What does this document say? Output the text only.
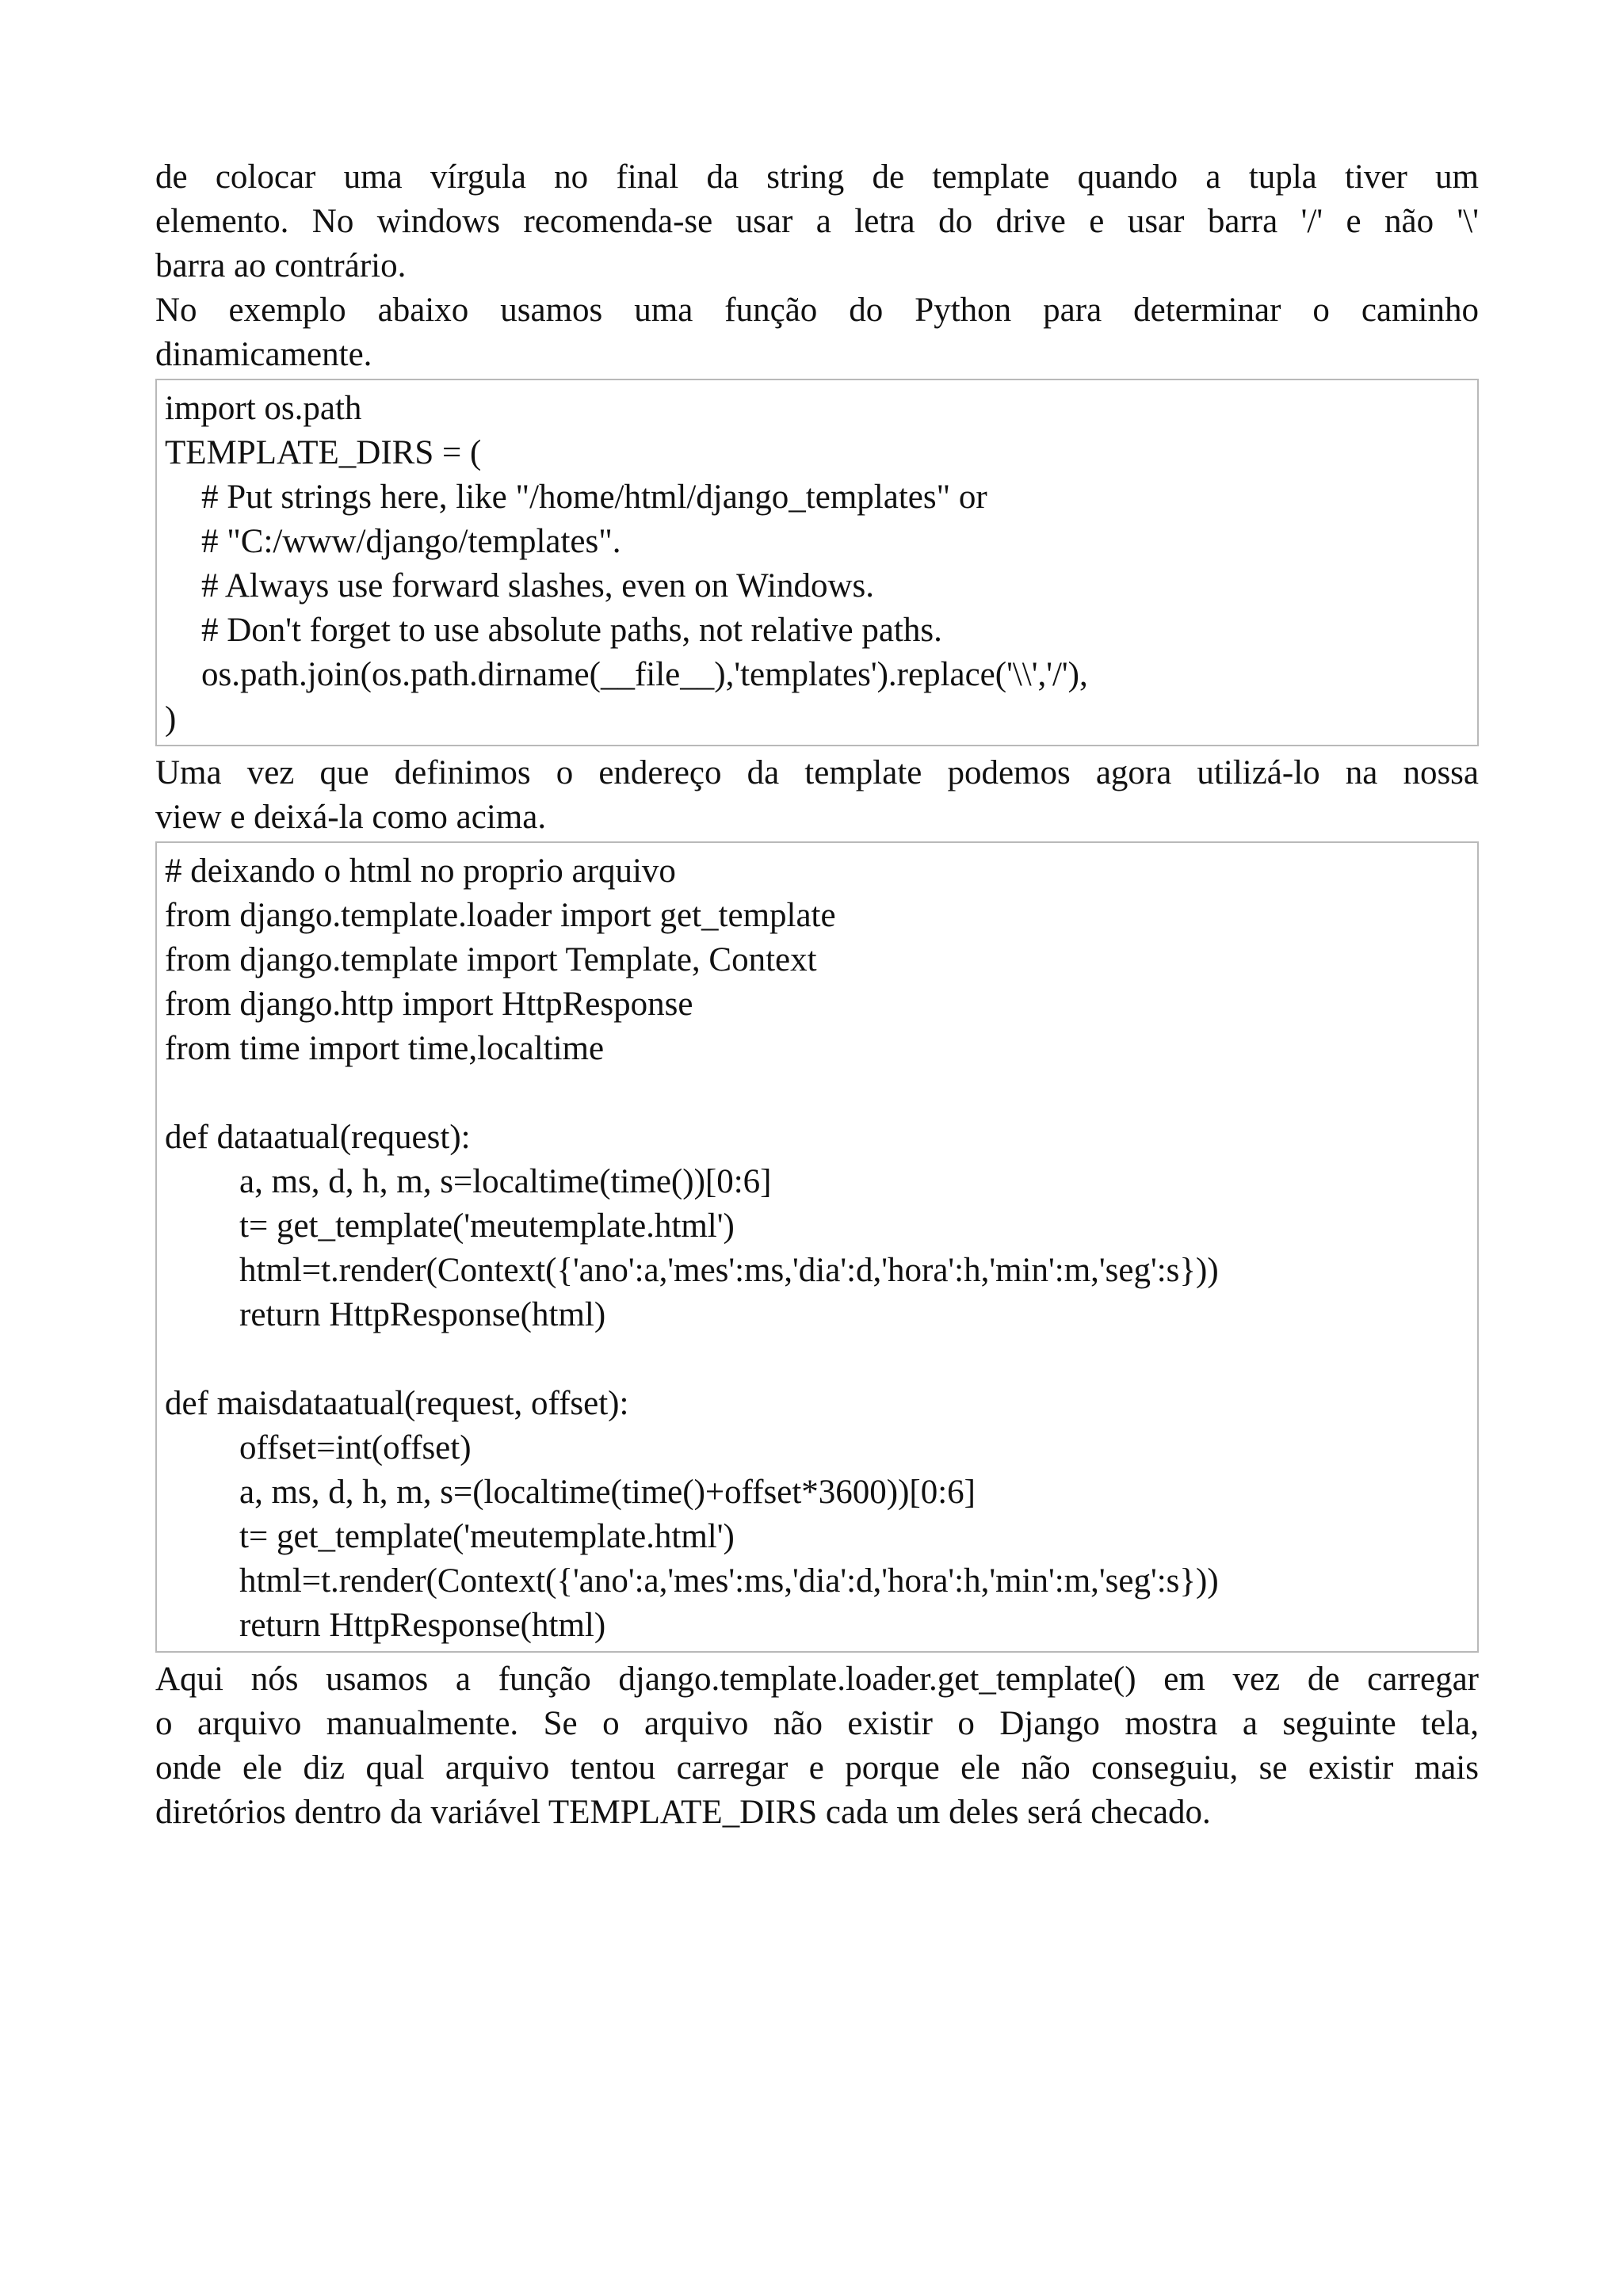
de colocar uma vírgula no final da string de template quando a tupla tiver um
elemento. No windows recomenda-se usar a letra do drive e usar barra '/' e não '\'
barra ao contrário.

No exemplo abaixo usamos uma função do Python para determinar o caminho
dinamicamente.

import os.path
TEMPLATE_DIRS = (
# Put strings here, like "/home/html/django_templates" or
# "C:/www/django/templates".
# Always use forward slashes, even on Windows.
# Don't forget to use absolute paths, not relative paths.
os.path.join(os.path.dirname(__file__),'templates').replace('\\','/'),
)

Uma vez que definimos o endereço da template podemos agora utilizá-lo na nossa
view e deixá-la como acima.

# deixando o html no proprio arquivo
from django.template.loader import get_template
from django.template import Template, Context
from django.http import HttpResponse
from time import time,localtime
def dataatual(request):
a, ms, d, h, m, s=localtime(time())[0:6]
t= get_template('meutemplate.html')
html=t.render(Context({'ano':a,'mes':ms,'dia':d,'hora':h,'min':m,'seg':s}))
return HttpResponse(html)
def maisdataatual(request, offset):
offset=int(offset)
a, ms, d, h, m, s=(localtime(time()+offset*3600))[0:6]
t= get_template('meutemplate.html')
html=t.render(Context({'ano':a,'mes':ms,'dia':d,'hora':h,'min':m,'seg':s}))
return HttpResponse(html)

Aqui nós usamos a função django.template.loader.get_template() em vez de carregar
o arquivo manualmente. Se o arquivo não existir o Django mostra a seguinte tela,
onde ele diz qual arquivo tentou carregar e porque ele não conseguiu, se existir mais
diretórios dentro da variável TEMPLATE_DIRS cada um deles será checado.
